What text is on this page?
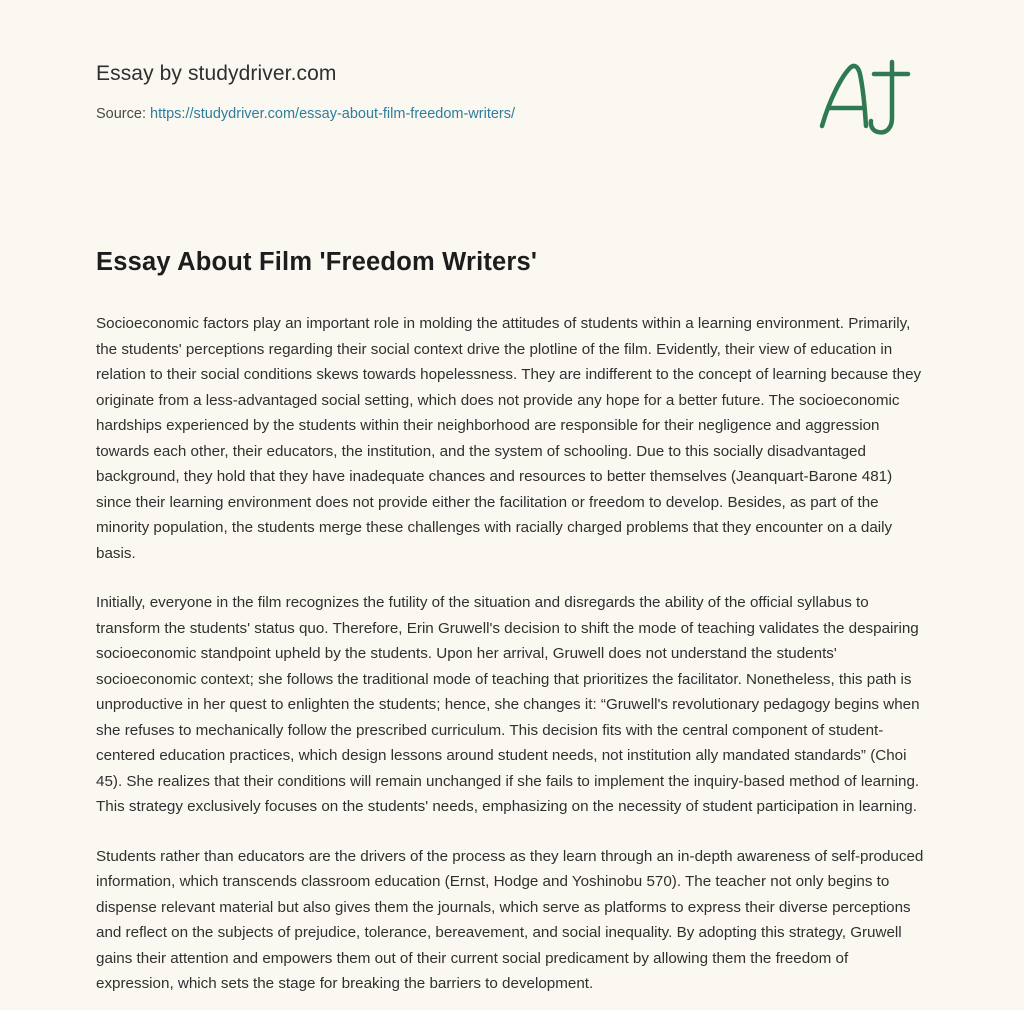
Essay by studydriver.com
Source: https://studydriver.com/essay-about-film-freedom-writers/
Essay About Film 'Freedom Writers'

Socioeconomic factors play an important role in molding the attitudes of students within a learning environment. Primarily, the students' perceptions regarding their social context drive the plotline of the film. Evidently, their view of education in relation to their social conditions skews towards hopelessness. They are indifferent to the concept of learning because they originate from a less-advantaged social setting, which does not provide any hope for a better future. The socioeconomic hardships experienced by the students within their neighborhood are responsible for their negligence and aggression towards each other, their educators, the institution, and the system of schooling. Due to this socially disadvantaged background, they hold that they have inadequate chances and resources to better themselves (Jeanquart-Barone 481) since their learning environment does not provide either the facilitation or freedom to develop. Besides, as part of the minority population, the students merge these challenges with racially charged problems that they encounter on a daily basis.

Initially, everyone in the film recognizes the futility of the situation and disregards the ability of the official syllabus to transform the students' status quo. Therefore, Erin Gruwell's decision to shift the mode of teaching validates the despairing socioeconomic standpoint upheld by the students. Upon her arrival, Gruwell does not understand the students' socioeconomic context; she follows the traditional mode of teaching that prioritizes the facilitator. Nonetheless, this path is unproductive in her quest to enlighten the students; hence, she changes it: “Gruwell's revolutionary pedagogy begins when she refuses to mechanically follow the prescribed curriculum. This decision fits with the central component of student-centered education practices, which design lessons around student needs, not institution ally mandated standards” (Choi 45). She realizes that their conditions will remain unchanged if she fails to implement the inquiry-based method of learning. This strategy exclusively focuses on the students' needs, emphasizing on the necessity of student participation in learning.

Students rather than educators are the drivers of the process as they learn through an in-depth awareness of self-produced information, which transcends classroom education (Ernst, Hodge and Yoshinobu 570). The teacher not only begins to dispense relevant material but also gives them the journals, which serve as platforms to express their diverse perceptions and reflect on the subjects of prejudice, tolerance, bereavement, and social inequality. By adopting this strategy, Gruwell gains their attention and empowers them out of their current social predicament by allowing them the freedom of expression, which sets the stage for breaking the barriers to development.
